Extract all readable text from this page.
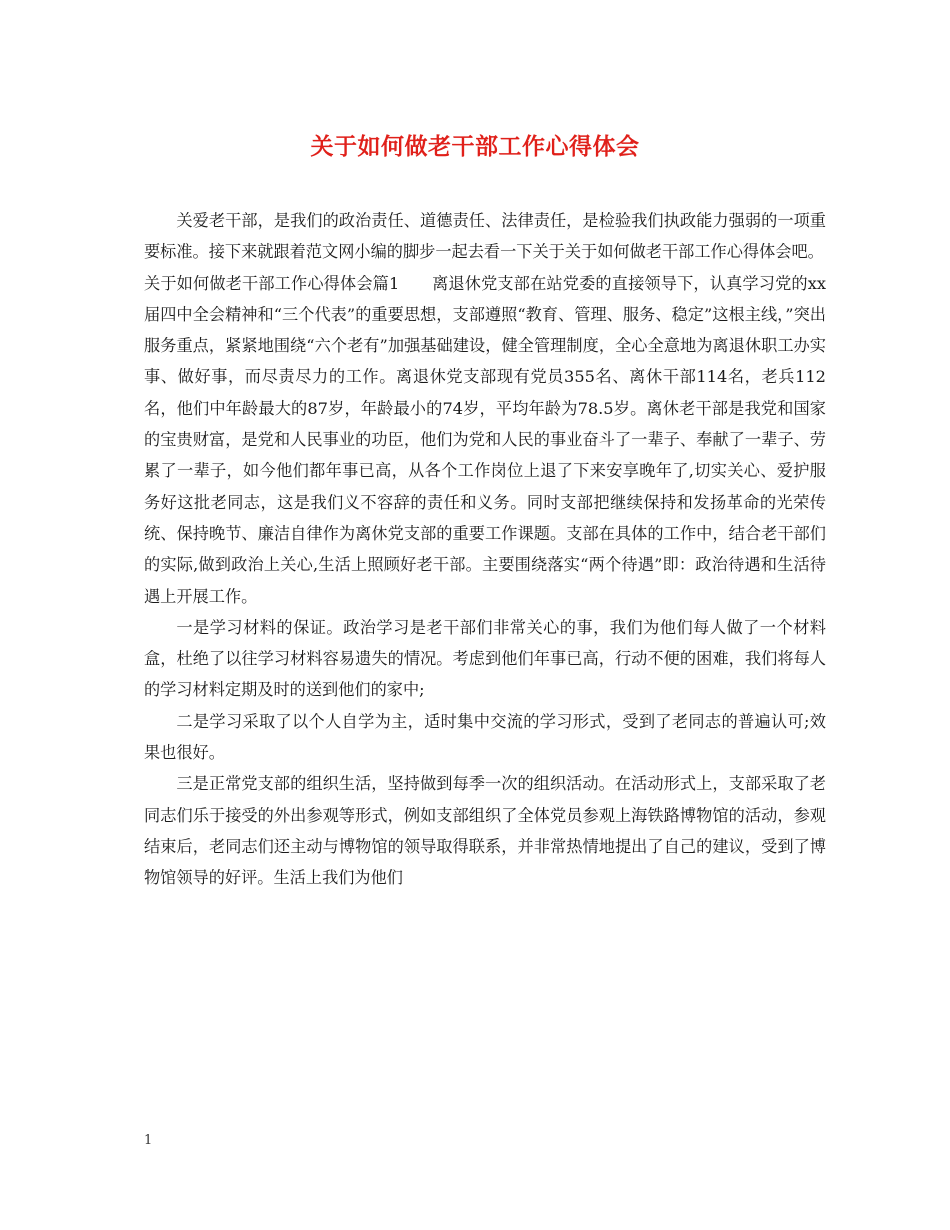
关于如何做老干部工作心得体会

关爱老干部，是我们的政治责任、道德责任、法律责任，是检验我们执政能力强弱的一项重要标准。接下来就跟着范文网小编的脚步一起去看一下关于关于如何做老干部工作心得体会吧。

关于如何做老干部工作心得体会篇1　　离退休党支部在站党委的直接领导下，认真学习党的xx届四中全会精神和“三个代表”的重要思想，支部遵照“教育、管理、服务、稳定”这根主线，”突出服务重点，紧紧地围绕“六个老有”加强基础建设，健全管理制度，全心全意地为离退休职工办实事、做好事，而尽责尽力的工作。离退休党支部现有党员355名、离休干部114名，老兵112名，他们中年龄最大的87岁，年龄最小的74岁，平均年龄为78.5岁。离休老干部是我党和国家的宝贵财富，是党和人民事业的功臣，他们为党和人民的事业奋斗了一辈子、奉献了一辈子、劳累了一辈子，如今他们都年事已高，从各个工作岗位上退了下来安享晚年了,切实关心、爱护服务好这批老同志，这是我们义不容辞的责任和义务。同时支部把继续保持和发扬革命的光荣传统、保持晚节、廉洁自律作为离休党支部的重要工作课题。支部在具体的工作中，结合老干部们的实际,做到政治上关心,生活上照顾好老干部。主要围绕落实“两个待遇”即：政治待遇和生活待遇上开展工作。

一是学习材料的保证。政治学习是老干部们非常关心的事，我们为他们每人做了一个材料盒，杜绝了以往学习材料容易遗失的情况。考虑到他们年事已高，行动不便的困难，我们将每人的学习材料定期及时的送到他们的家中;

二是学习采取了以个人自学为主，适时集中交流的学习形式，受到了老同志的普遍认可;效果也很好。

三是正常党支部的组织生活，坚持做到每季一次的组织活动。在活动形式上，支部采取了老同志们乐于接受的外出参观等形式，例如支部组织了全体党员参观上海铁路博物馆的活动，参观结束后，老同志们还主动与博物馆的领导取得联系，并非常热情地提出了自己的建议，受到了博物馆领导的好评。生活上我们为他们

1
